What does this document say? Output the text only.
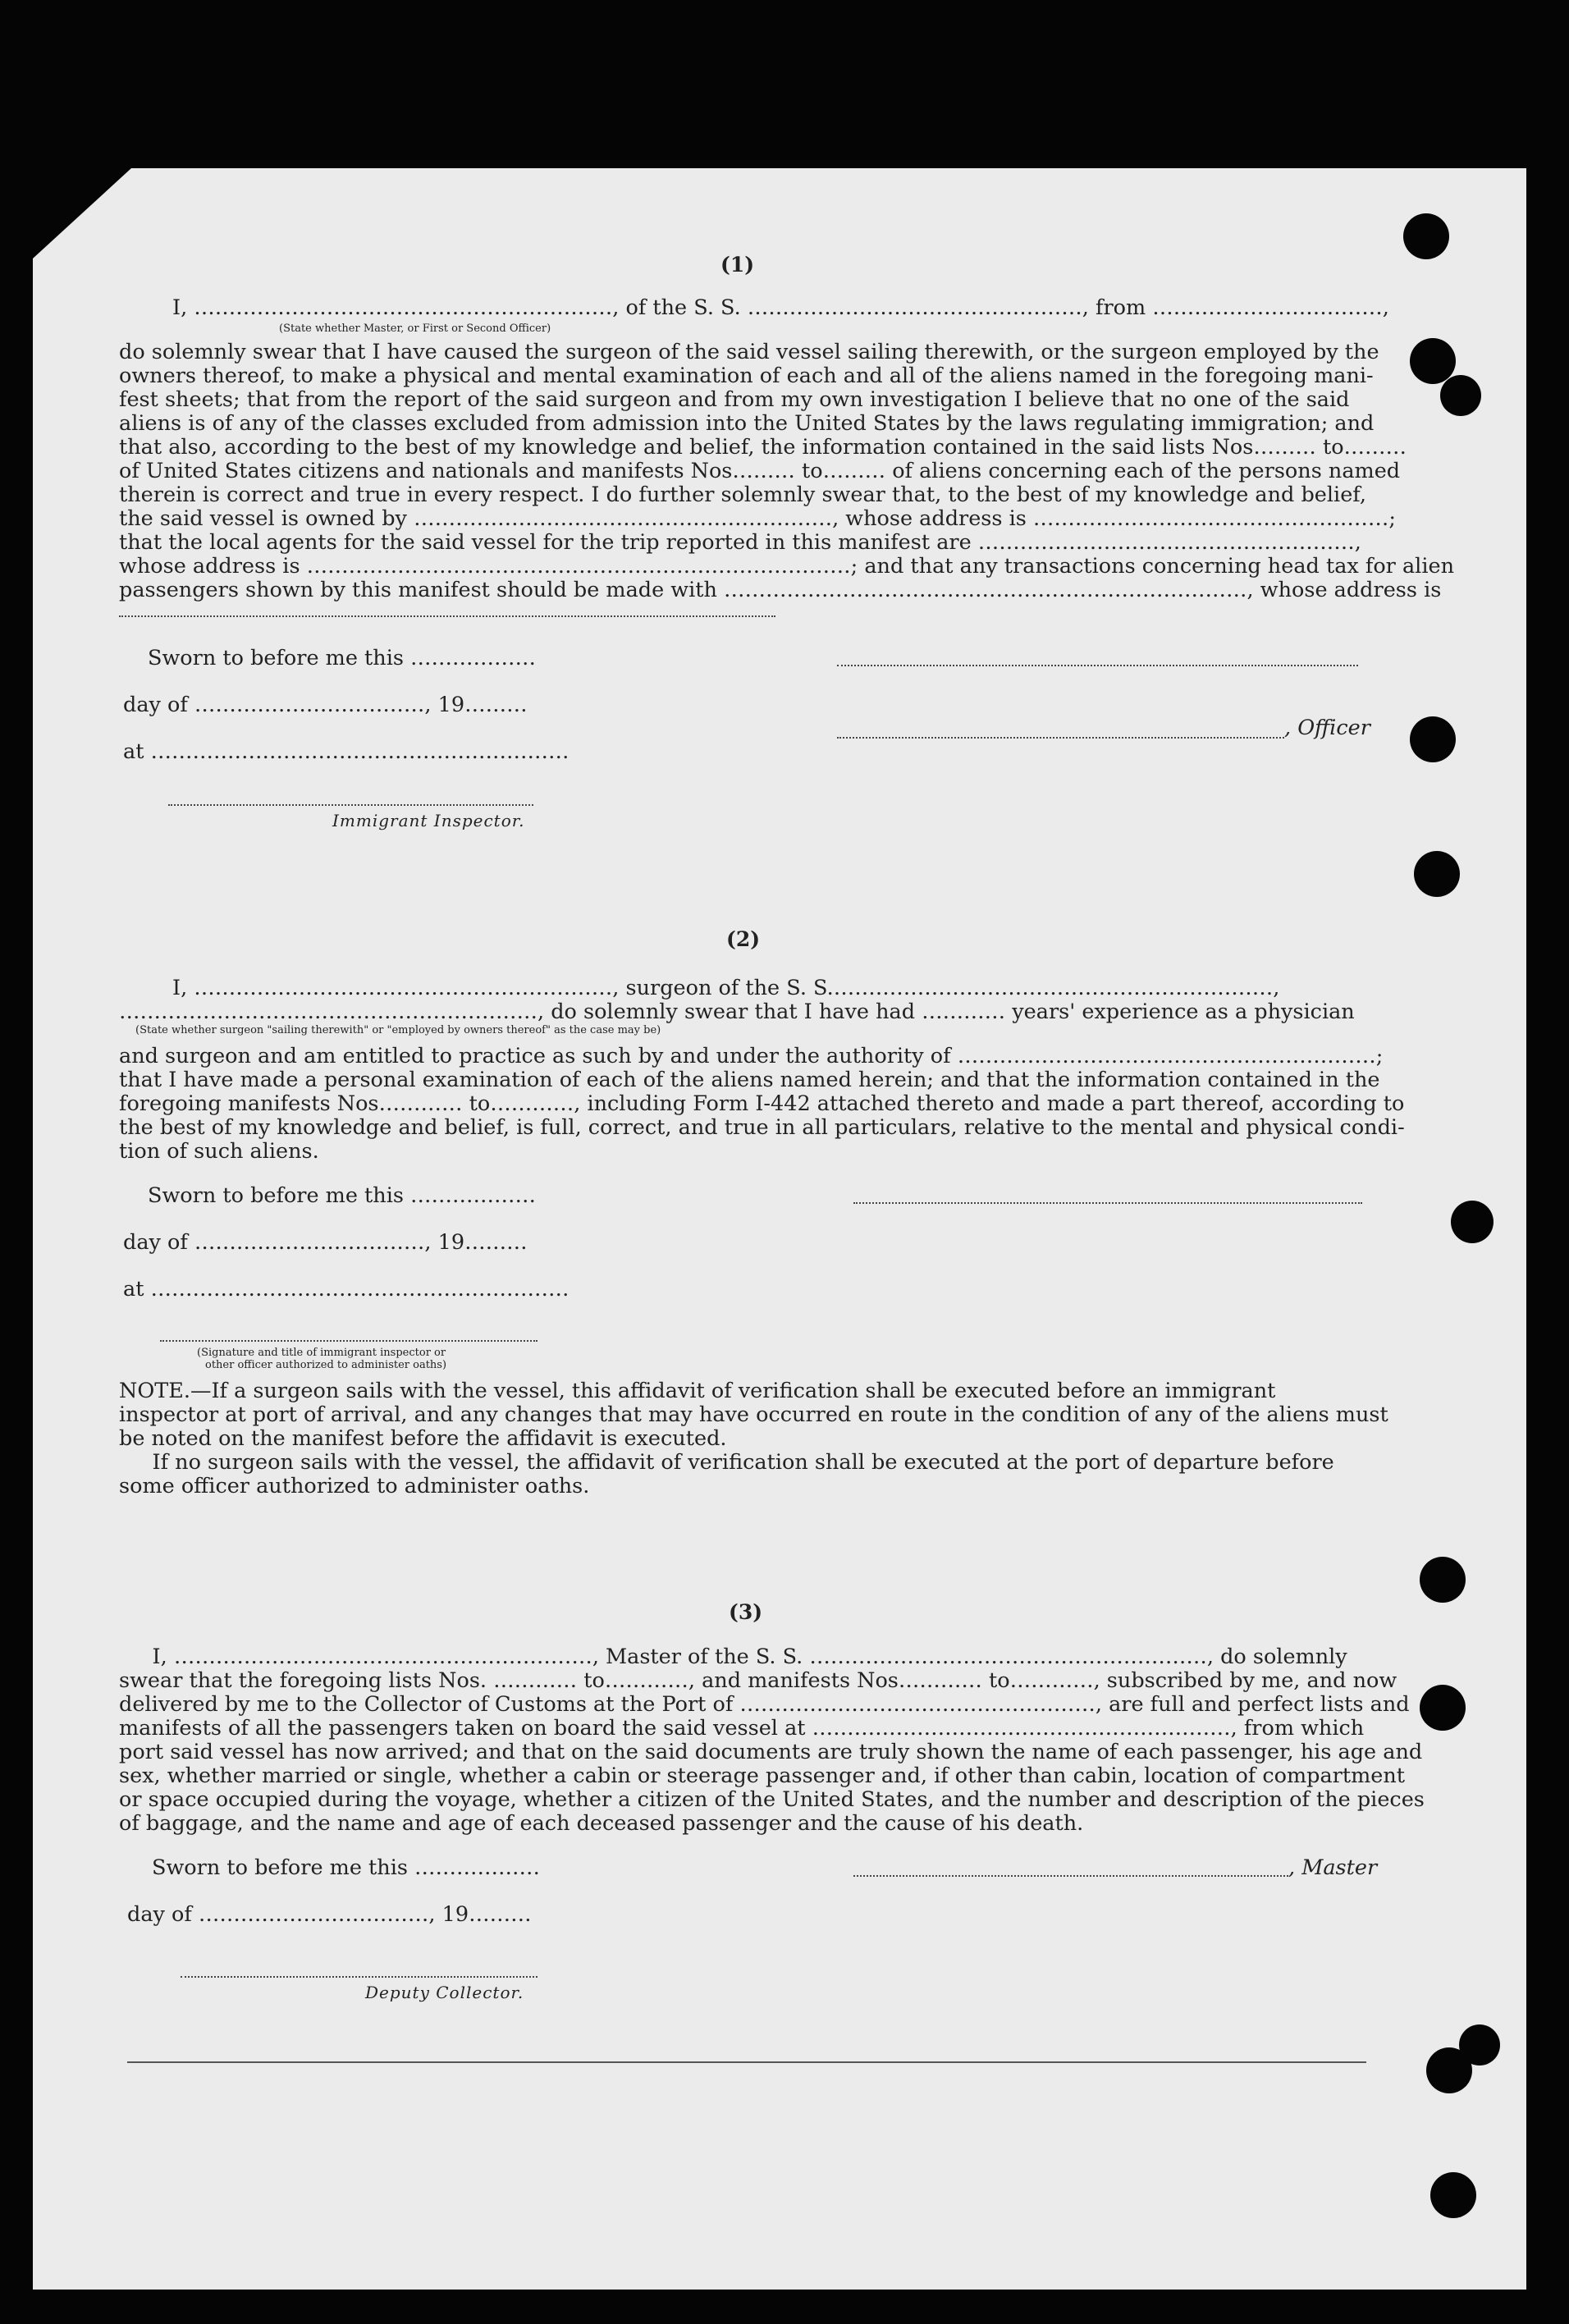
(1)
I, ……………………………………………………, of the S. S. …………………………………………, from ……………………………,
(State whether Master, or First or Second Officer)
do solemnly swear that I have caused the surgeon of the said vessel sailing therewith, or the surgeon employed by the
owners thereof, to make a physical and mental examination of each and all of the aliens named in the foregoing mani-
fest sheets; that from the report of the said surgeon and from my own investigation I believe that no one of the said
aliens is of any of the classes excluded from admission into the United States by the laws regulating immigration; and
that also, according to the best of my knowledge and belief, the information contained in the said lists Nos……… to………
of United States citizens and nationals and manifests Nos……… to……… of aliens concerning each of the persons named
therein is correct and true in every respect. I do further solemnly swear that, to the best of my knowledge and belief,
the said vessel is owned by ……………………………………………………, whose address is ……………………………………………;
that the local agents for the said vessel for the trip reported in this manifest are ………………………………………………,
whose address is ……………………………………………………………………; and that any transactions concerning head tax for alien
passengers shown by this manifest should be made with …………………………………………………………………, whose address is
Sworn to before me this ………………
day of ……………………………, 19………
, Officer
at ……………………………………………………
Immigrant Inspector.
(2)
I, ……………………………………………………, surgeon of the S. S.………………………………………………………,
……………………………………………………, do solemnly swear that I have had ………… years' experience as a physician
(State whether surgeon "sailing therewith" or "employed by owners thereof" as the case may be)
and surgeon and am entitled to practice as such by and under the authority of ……………………………………………………;
that I have made a personal examination of each of the aliens named herein; and that the information contained in the
foregoing manifests Nos………… to…………, including Form I-442 attached thereto and made a part thereof, according to
the best of my knowledge and belief, is full, correct, and true in all particulars, relative to the mental and physical condi-
tion of such aliens.
Sworn to before me this ………………
day of ……………………………, 19………
at ……………………………………………………
(Signature and title of immigrant inspector or
other officer authorized to administer oaths)
NOTE.—If a surgeon sails with the vessel, this affidavit of verification shall be executed before an immigrant
inspector at port of arrival, and any changes that may have occurred en route in the condition of any of the aliens must
be noted on the manifest before the affidavit is executed.
If no surgeon sails with the vessel, the affidavit of verification shall be executed at the port of departure before
some officer authorized to administer oaths.
(3)
I, ……………………………………………………, Master of the S. S. …………………………………………………, do solemnly
swear that the foregoing lists Nos. ………… to…………, and manifests Nos………… to…………, subscribed by me, and now
delivered by me to the Collector of Customs at the Port of ……………………………………………, are full and perfect lists and
manifests of all the passengers taken on board the said vessel at ……………………………………………………, from which
port said vessel has now arrived; and that on the said documents are truly shown the name of each passenger, his age and
sex, whether married or single, whether a cabin or steerage passenger and, if other than cabin, location of compartment
or space occupied during the voyage, whether a citizen of the United States, and the number and description of the pieces
of baggage, and the name and age of each deceased passenger and the cause of his death.
Sworn to before me this ………………	, Master
day of ……………………………, 19………
Deputy Collector.
